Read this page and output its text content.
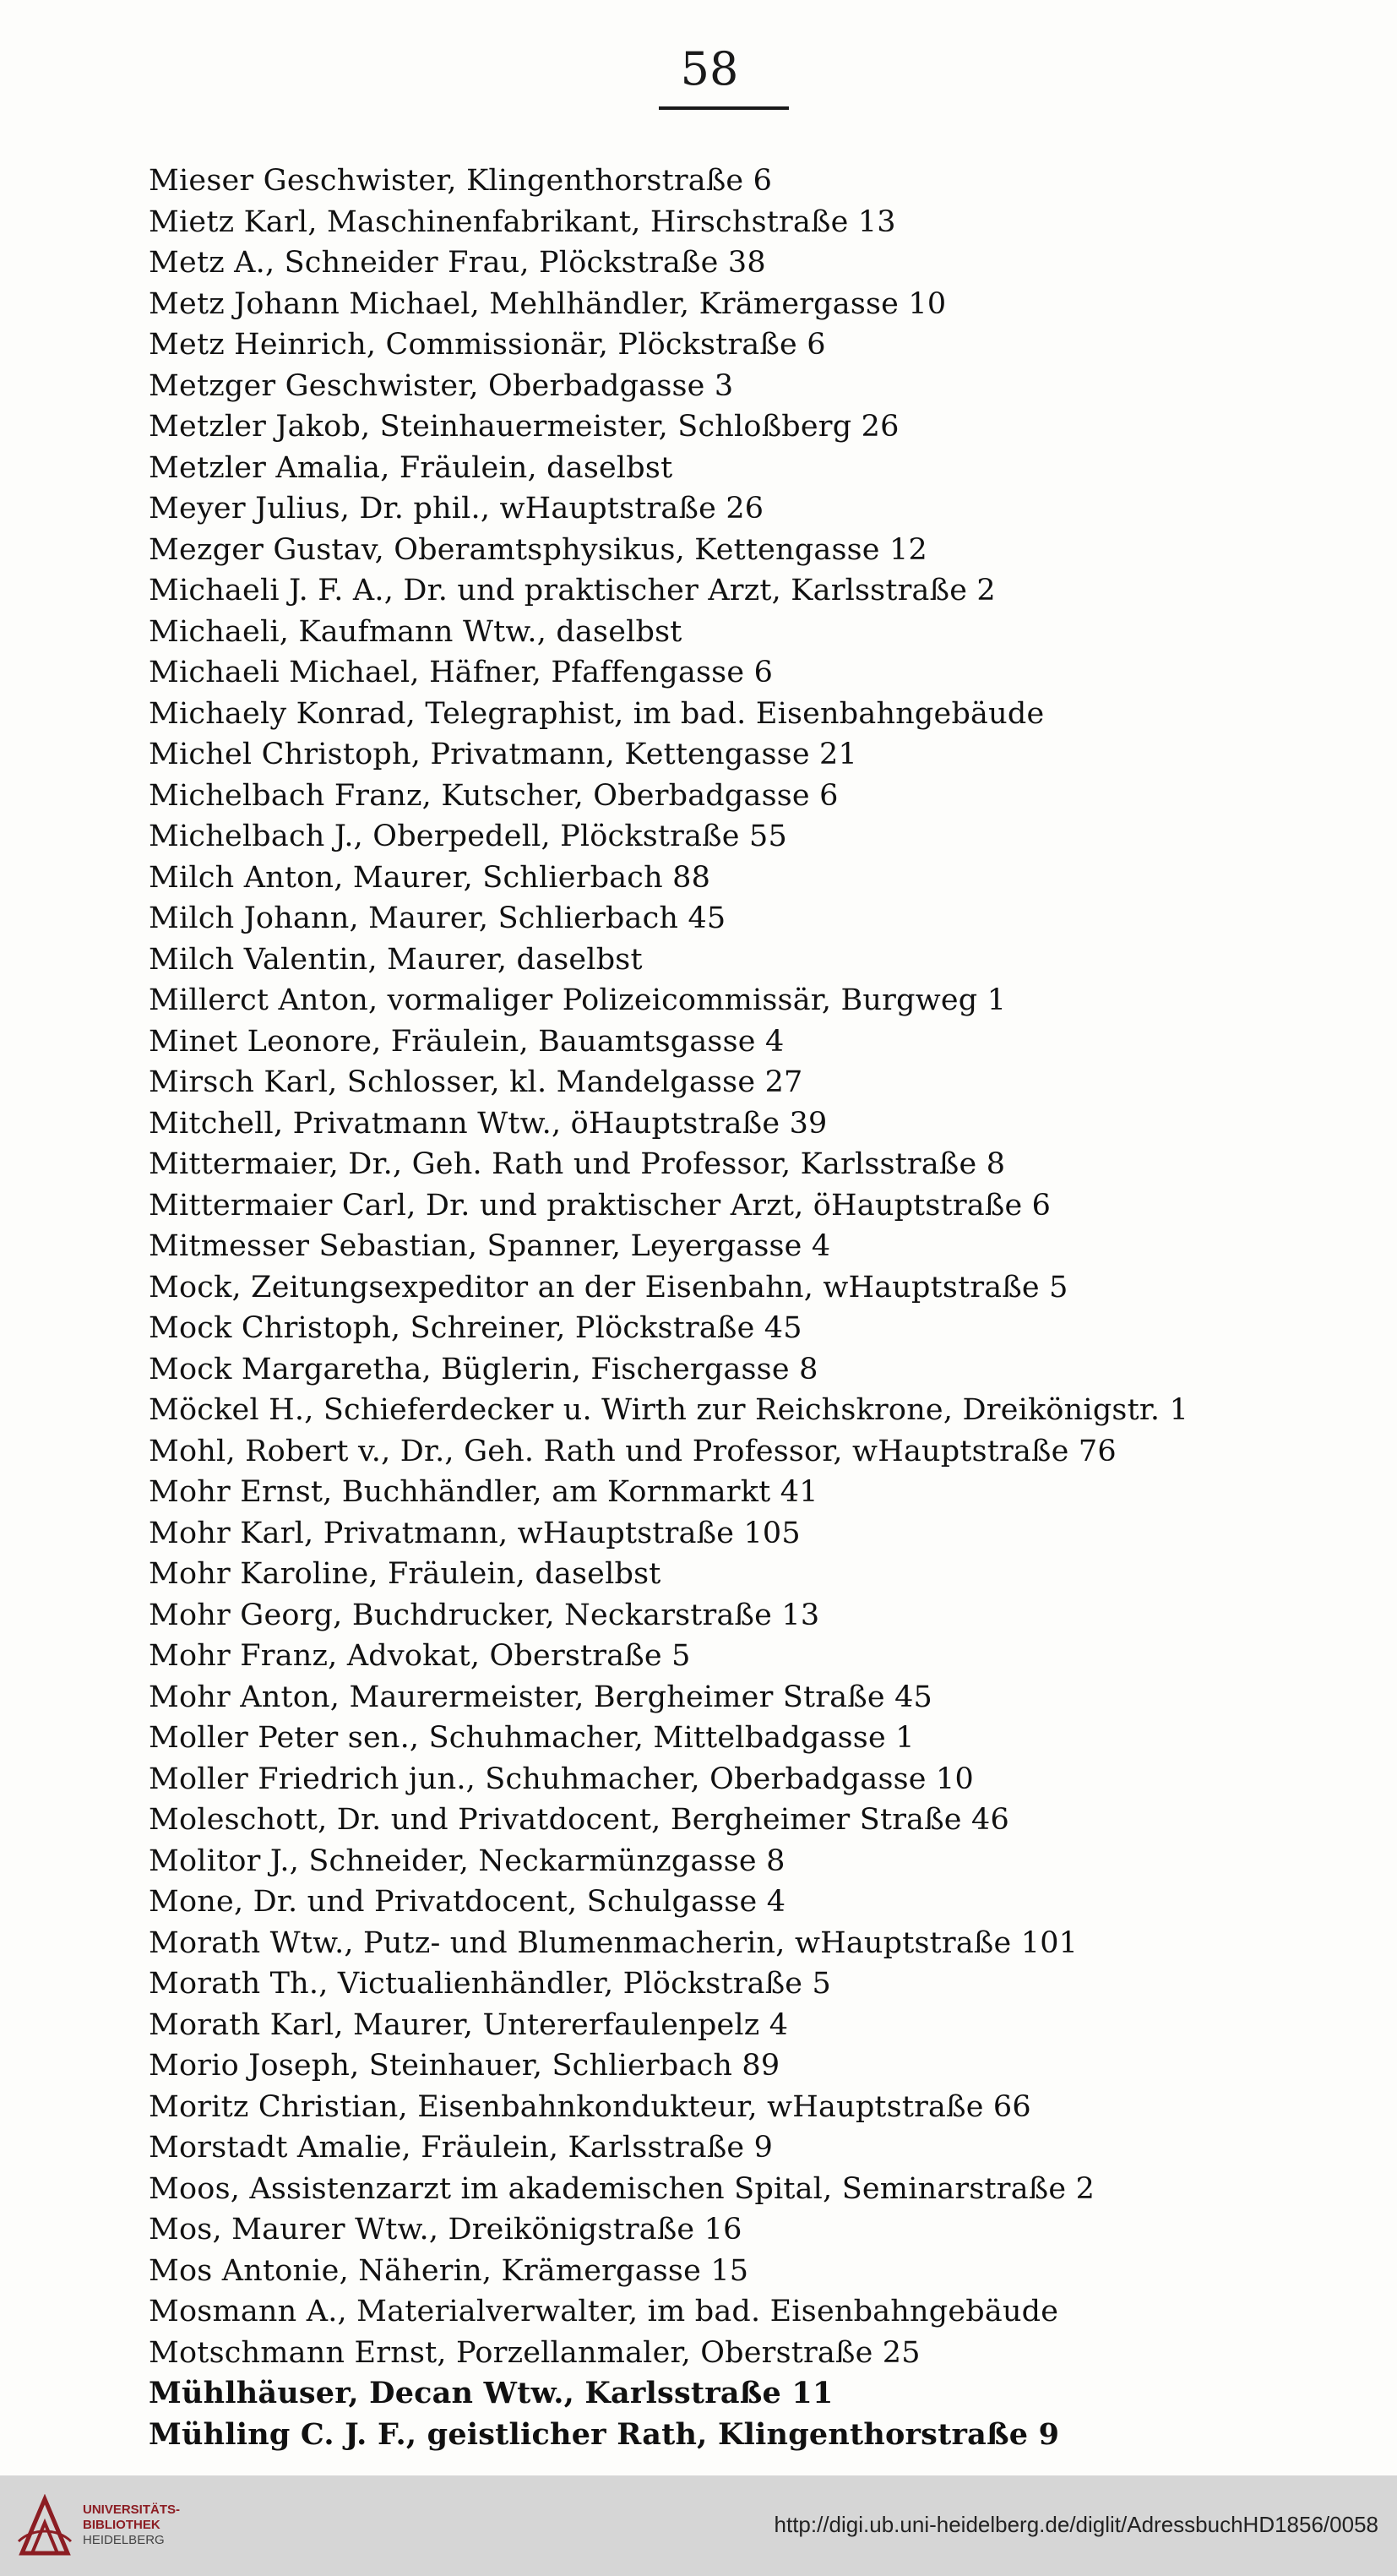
58
Mieser Geschwister, Klingenthorstraße 6
Mietz Karl, Maschinenfabrikant, Hirschstraße 13
Metz A., Schneider Frau, Plöckstraße 38
Metz Johann Michael, Mehlhändler, Krämergasse 10
Metz Heinrich, Commissionär, Plöckstraße 6
Metzger Geschwister, Oberbadgasse 3
Metzler Jakob, Steinhauermeister, Schloßberg 26
Metzler Amalia, Fräulein, daselbst
Meyer Julius, Dr. phil., wHauptstraße 26
Mezger Gustav, Oberamtsphysikus, Kettengasse 12
Michaeli J. F. A., Dr. und praktischer Arzt, Karlsstraße 2
Michaeli, Kaufmann Wtw., daselbst
Michaeli Michael, Häfner, Pfaffengasse 6
Michaely Konrad, Telegraphist, im bad. Eisenbahngebäude
Michel Christoph, Privatmann, Kettengasse 21
Michelbach Franz, Kutscher, Oberbadgasse 6
Michelbach J., Oberpedell, Plöckstraße 55
Milch Anton, Maurer, Schlierbach 88
Milch Johann, Maurer, Schlierbach 45
Milch Valentin, Maurer, daselbst
Millerct Anton, vormaliger Polizeicommissär, Burgweg 1
Minet Leonore, Fräulein, Bauamtsgasse 4
Mirsch Karl, Schlosser, kl. Mandelgasse 27
Mitchell, Privatmann Wtw., öHauptstraße 39
Mittermaier, Dr., Geh. Rath und Professor, Karlsstraße 8
Mittermaier Carl, Dr. und praktischer Arzt, öHauptstraße 6
Mitmesser Sebastian, Spanner, Leyergasse 4
Mock, Zeitungsexpeditor an der Eisenbahn, wHauptstraße 5
Mock Christoph, Schreiner, Plöckstraße 45
Mock Margaretha, Büglerin, Fischergasse 8
Möckel H., Schieferdecker u. Wirth zur Reichskrone, Dreikönigstr. 1
Mohl, Robert v., Dr., Geh. Rath und Professor, wHauptstraße 76
Mohr Ernst, Buchhändler, am Kornmarkt 41
Mohr Karl, Privatmann, wHauptstraße 105
Mohr Karoline, Fräulein, daselbst
Mohr Georg, Buchdrucker, Neckarstraße 13
Mohr Franz, Advokat, Oberstraße 5
Mohr Anton, Maurermeister, Bergheimer Straße 45
Moller Peter sen., Schuhmacher, Mittelbadgasse 1
Moller Friedrich jun., Schuhmacher, Oberbadgasse 10
Moleschott, Dr. und Privatdocent, Bergheimer Straße 46
Molitor J., Schneider, Neckarmünzgasse 8
Mone, Dr. und Privatdocent, Schulgasse 4
Morath Wtw., Putz- und Blumenmacherin, wHauptstraße 101
Morath Th., Victualienhändler, Plöckstraße 5
Morath Karl, Maurer, Untererfaulenpelz 4
Morio Joseph, Steinhauer, Schlierbach 89
Moritz Christian, Eisenbahnkondukteur, wHauptstraße 66
Morstadt Amalie, Fräulein, Karlsstraße 9
Moos, Assistenzarzt im akademischen Spital, Seminarstraße 2
Mos, Maurer Wtw., Dreikönigstraße 16
Mos Antonie, Näherin, Krämergasse 15
Mosmann A., Materialverwalter, im bad. Eisenbahngebäude
Motschmann Ernst, Porzellanmaler, Oberstraße 25
Mühlhäuser, Decan Wtw., Karlsstraße 11
Mühling C. J. F., geistlicher Rath, Klingenthorstraße 9
UNIVERSITÄTS-
BIBLIOTHEK
HEIDELBERG
http://digi.ub.uni-heidelberg.de/diglit/AdressbuchHD1856/0058
